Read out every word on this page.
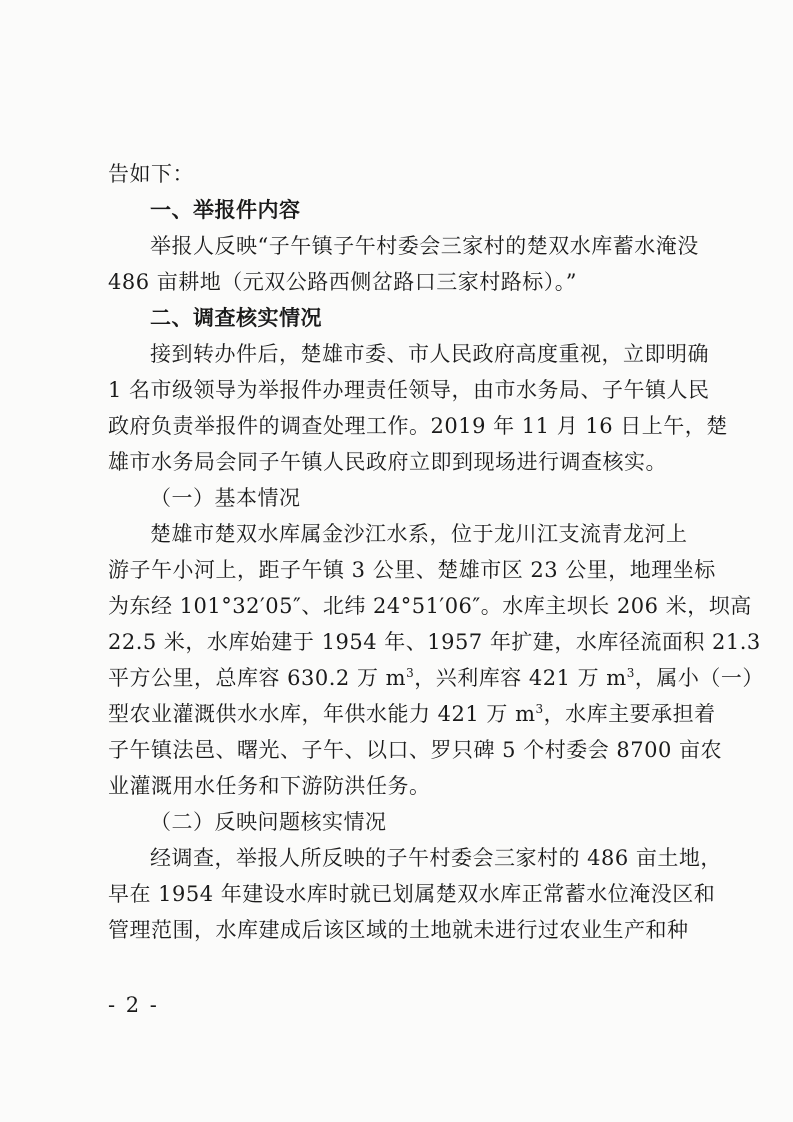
告如下：
一、举报件内容
举报人反映“子午镇子午村委会三家村的楚双水库蓄水淹没
486 亩耕地（元双公路西侧岔路口三家村路标）。”
二、调查核实情况
接到转办件后，楚雄市委、市人民政府高度重视，立即明确
1 名市级领导为举报件办理责任领导，由市水务局、子午镇人民
政府负责举报件的调查处理工作。2019 年 11 月 16 日上午，楚
雄市水务局会同子午镇人民政府立即到现场进行调查核实。
（一）基本情况
楚雄市楚双水库属金沙江水系，位于龙川江支流青龙河上
游子午小河上，距子午镇 3 公里、楚雄市区 23 公里，地理坐标
为东经 101°32′05″、北纬 24°51′06″。水库主坝长 206 米，坝高
22.5 米，水库始建于 1954 年、1957 年扩建，水库径流面积 21.3
平方公里，总库容 630.2 万 $m^3$，兴利库容 421 万 $m^3$，属小（一）
型农业灌溉供水水库，年供水能力 421 万 $m^3$，水库主要承担着
子午镇法邑、曙光、子午、以口、罗只碑 5 个村委会 8700 亩农
业灌溉用水任务和下游防洪任务。
（二）反映问题核实情况
经调查，举报人所反映的子午村委会三家村的 486 亩土地，
早在 1954 年建设水库时就已划属楚双水库正常蓄水位淹没区和
管理范围，水库建成后该区域的土地就未进行过农业生产和种
- 2 -
